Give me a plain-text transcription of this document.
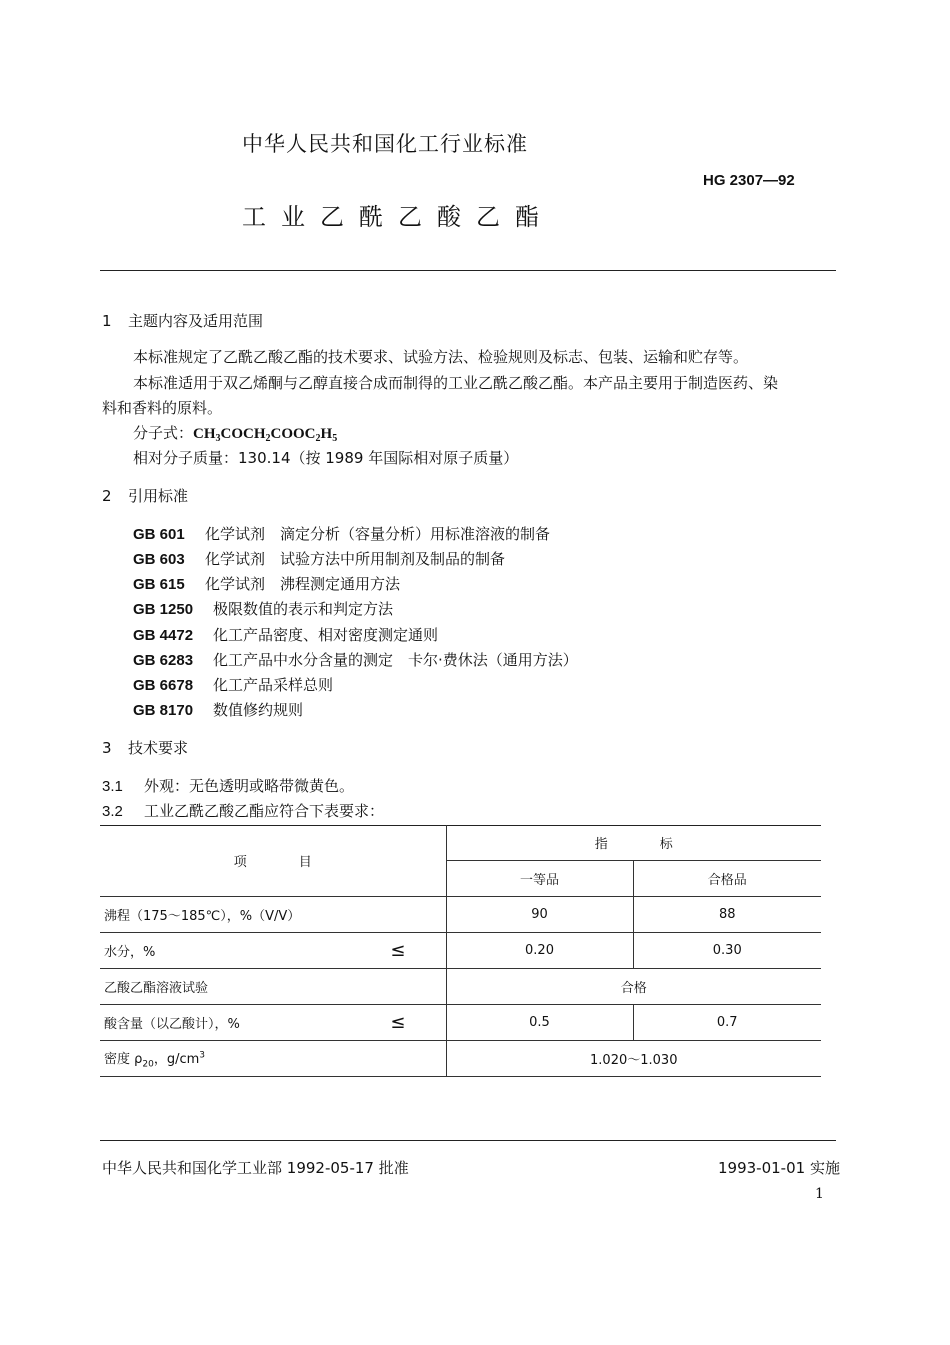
中华人民共和国化工行业标准
HG 2307—92
工业乙酰乙酸乙酯
1 主题内容及适用范围
本标准规定了乙酰乙酸乙酯的技术要求、试验方法、检验规则及标志、包装、运输和贮存等。
本标准适用于双乙烯酮与乙醇直接合成而制得的工业乙酰乙酸乙酯。本产品主要用于制造医药、染
料和香料的原料。
分子式：$CH_3COCH_2COOC_2H_5$
相对分子质量：130.14（按 1989 年国际相对原子质量）
2 引用标准
GB 601 化学试剂　滴定分析（容量分析）用标准溶液的制备
GB 603 化学试剂　试验方法中所用制剂及制品的制备
GB 615 化学试剂　沸程测定通用方法
GB 1250 极限数值的表示和判定方法
GB 4472 化工产品密度、相对密度测定通则
GB 6283 化工产品中水分含量的测定　卡尔·费休法（通用方法）
GB 6678 化工产品采样总则
GB 8170 数值修约规则
3 技术要求
3.1 外观：无色透明或略带微黄色。
3.2 工业乙酰乙酸乙酯应符合下表要求：
项　　　　目	指　　　　标	
	一等品	合格品
沸程（175～185℃），%（V/V）	90	88
水分，% ≤	0.20	0.30
乙酸乙酯溶液试验	合格	
酸含量（以乙酸计），% ≤	0.5	0.7
密度 $\rho_{20}$，$g/cm^3$	1.020～1.030	
中华人民共和国化学工业部 1992-05-17 批准	1993-01-01 实施
1
